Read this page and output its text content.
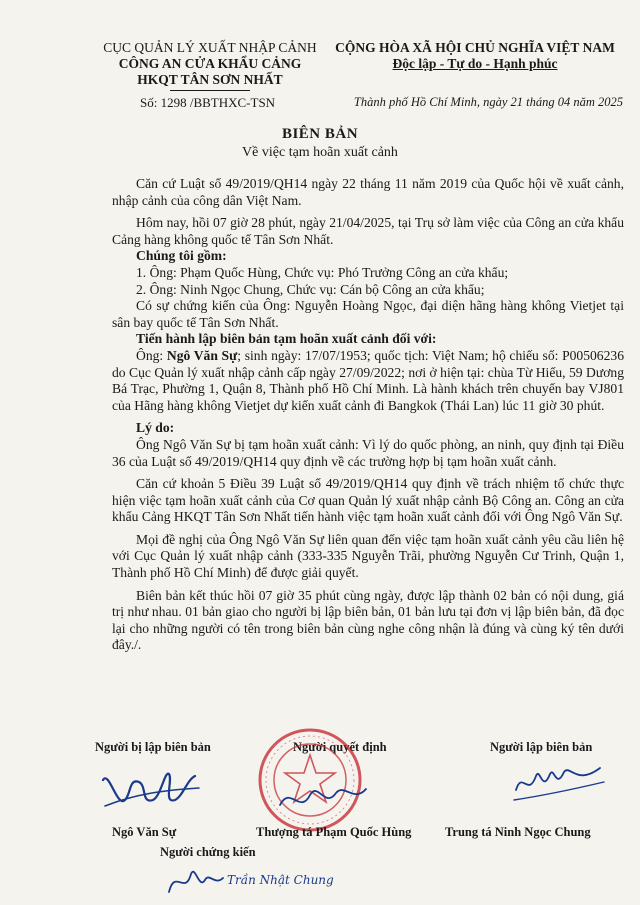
CỤC QUẢN LÝ XUẤT NHẬP CẢNH
CÔNG AN CỬA KHẨU CẢNG
HKQT TÂN SƠN NHẤT
CỘNG HÒA XÃ HỘI CHỦ NGHĨA VIỆT NAM
Độc lập - Tự do - Hạnh phúc
Số: 1298 /BBTHXC-TSN	Thành phố Hồ Chí Minh, ngày 21 tháng 04 năm 2025
BIÊN BẢN
Về việc tạm hoãn xuất cảnh

Căn cứ Luật số 49/2019/QH14 ngày 22 tháng 11 năm 2019 của Quốc hội về xuất cảnh, nhập cảnh của công dân Việt Nam.

Hôm nay, hồi 07 giờ 28 phút, ngày 21/04/2025, tại Trụ sở làm việc của Công an cửa khẩu Cảng hàng không quốc tế Tân Sơn Nhất.

Chúng tôi gồm:

1. Ông: Phạm Quốc Hùng, Chức vụ: Phó Trưởng Công an cửa khẩu;

2. Ông: Ninh Ngọc Chung, Chức vụ: Cán bộ Công an cửa khẩu;

Có sự chứng kiến của Ông: Nguyễn Hoàng Ngọc, đại diện hãng hàng không Vietjet tại sân bay quốc tế Tân Sơn Nhất.

Tiến hành lập biên bản tạm hoãn xuất cảnh đối với:

Ông: Ngô Văn Sự; sinh ngày: 17/07/1953; quốc tịch: Việt Nam; hộ chiếu số: P00506236 do Cục Quản lý xuất nhập cảnh cấp ngày 27/09/2022; nơi ở hiện tại: chùa Từ Hiếu, 59 Dương Bá Trạc, Phường 1, Quận 8, Thành phố Hồ Chí Minh. Là hành khách trên chuyến bay VJ801 của Hãng hàng không Vietjet dự kiến xuất cảnh đi Bangkok (Thái Lan) lúc 11 giờ 30 phút.

Lý do:

Ông Ngô Văn Sự bị tạm hoãn xuất cảnh: Vì lý do quốc phòng, an ninh, quy định tại Điều 36 của Luật số 49/2019/QH14 quy định về các trường hợp bị tạm hoãn xuất cảnh.

Căn cứ khoản 5 Điều 39 Luật số 49/2019/QH14 quy định về trách nhiệm tổ chức thực hiện việc tạm hoãn xuất cảnh của Cơ quan Quản lý xuất nhập cảnh Bộ Công an. Công an cửa khẩu Cảng HKQT Tân Sơn Nhất tiến hành việc tạm hoãn xuất cảnh đối với Ông Ngô Văn Sự.

Mọi đề nghị của Ông Ngô Văn Sự liên quan đến việc tạm hoãn xuất cảnh yêu cầu liên hệ với Cục Quản lý xuất nhập cảnh (333-335 Nguyễn Trãi, phường Nguyễn Cư Trinh, Quận 1, Thành phố Hồ Chí Minh) để được giải quyết.

Biên bản kết thúc hồi 07 giờ 35 phút cùng ngày, được lập thành 02 bản có nội dung, giá trị như nhau. 01 bản giao cho người bị lập biên bản, 01 bản lưu tại đơn vị lập biên bản, đã đọc lại cho những người có tên trong biên bản cùng nghe công nhận là đúng và cùng ký tên dưới đây./.

Người bị lập biên bản	Người quyết định	Người lập biên bản
Ngô Văn Sự	Thượng tá Phạm Quốc Hùng	Trung tá Ninh Ngọc Chung
Người chứng kiến
Trần Nhật Chung
